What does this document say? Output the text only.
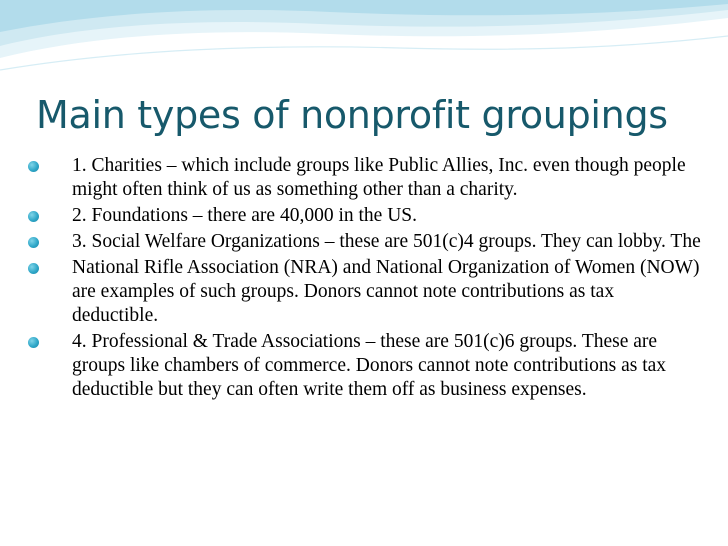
Main types of nonprofit groupings
1. Charities – which include groups like Public Allies, Inc. even though people might often think of us as something other than a charity.
2. Foundations – there are 40,000 in the US.
3. Social Welfare Organizations – these are 501(c)4 groups. They can lobby. The
National Rifle Association (NRA) and National Organization of Women (NOW) are examples of such groups. Donors cannot note contributions as tax deductible.
4. Professional & Trade Associations – these are 501(c)6 groups. These are groups like chambers of commerce. Donors cannot note contributions as tax deductible but they can often write them off as business expenses.
